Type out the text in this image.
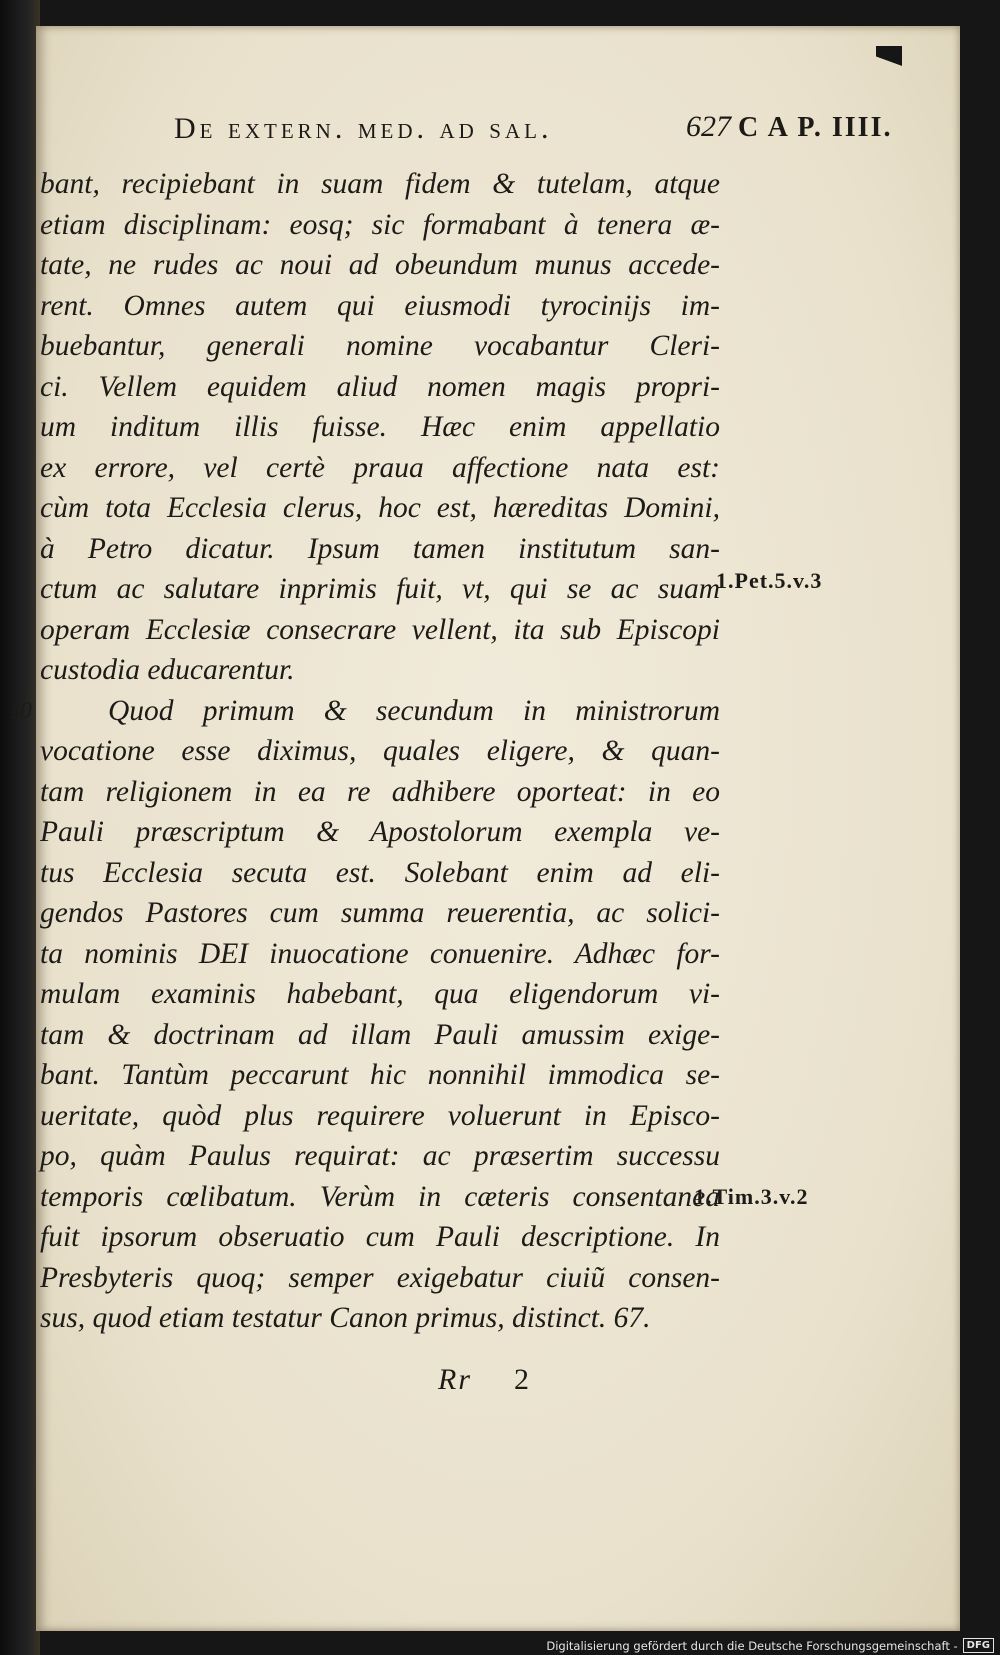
De extern. med. ad sal.	627 C A P. IIII.
10
bant, recipiebant in suam fidem & tutelam, atque
etiam disciplinam: eosq; sic formabant à tenera æ-
tate, ne rudes ac noui ad obeundum munus accede-
rent. Omnes autem qui eiusmodi tyrocinijs im-
buebantur, generali nomine vocabantur Cleri-
ci. Vellem equidem aliud nomen magis propri-
um inditum illis fuisse. Hæc enim appellatio
ex errore, vel certè praua affectione nata est:
cùm tota Ecclesia clerus, hoc est, hæreditas Domini,
à Petro dicatur. Ipsum tamen institutum san-
ctum ac salutare inprimis fuit, vt, qui se ac suam
operam Ecclesiæ consecrare vellent, ita sub Episcopi
custodia educarentur.
Quod primum & secundum in ministrorum
vocatione esse diximus, quales eligere, & quan-
tam religionem in ea re adhibere oporteat: in eo
Pauli præscriptum & Apostolorum exempla ve-
tus Ecclesia secuta est. Solebant enim ad eli-
gendos Pastores cum summa reuerentia, ac solici-
ta nominis DEI inuocatione conuenire. Adhæc for-
mulam examinis habebant, qua eligendorum vi-
tam & doctrinam ad illam Pauli amussim exige-
bant. Tantùm peccarunt hic nonnihil immodica se-
ueritate, quòd plus requirere voluerunt in Episco-
po, quàm Paulus requirat: ac præsertim successu
temporis cœlibatum. Verùm in cæteris consentanea
fuit ipsorum obseruatio cum Pauli descriptione. In
Presbyteris quoq; semper exigebatur ciuiũ consen-
sus, quod etiam testatur Canon primus, distinct. 67.
1.Pet.5.v.3
1.Tim.3.v.2
Rr 2
Digitalisierung gefördert durch die Deutsche Forschungsgemeinschaft - DFG
